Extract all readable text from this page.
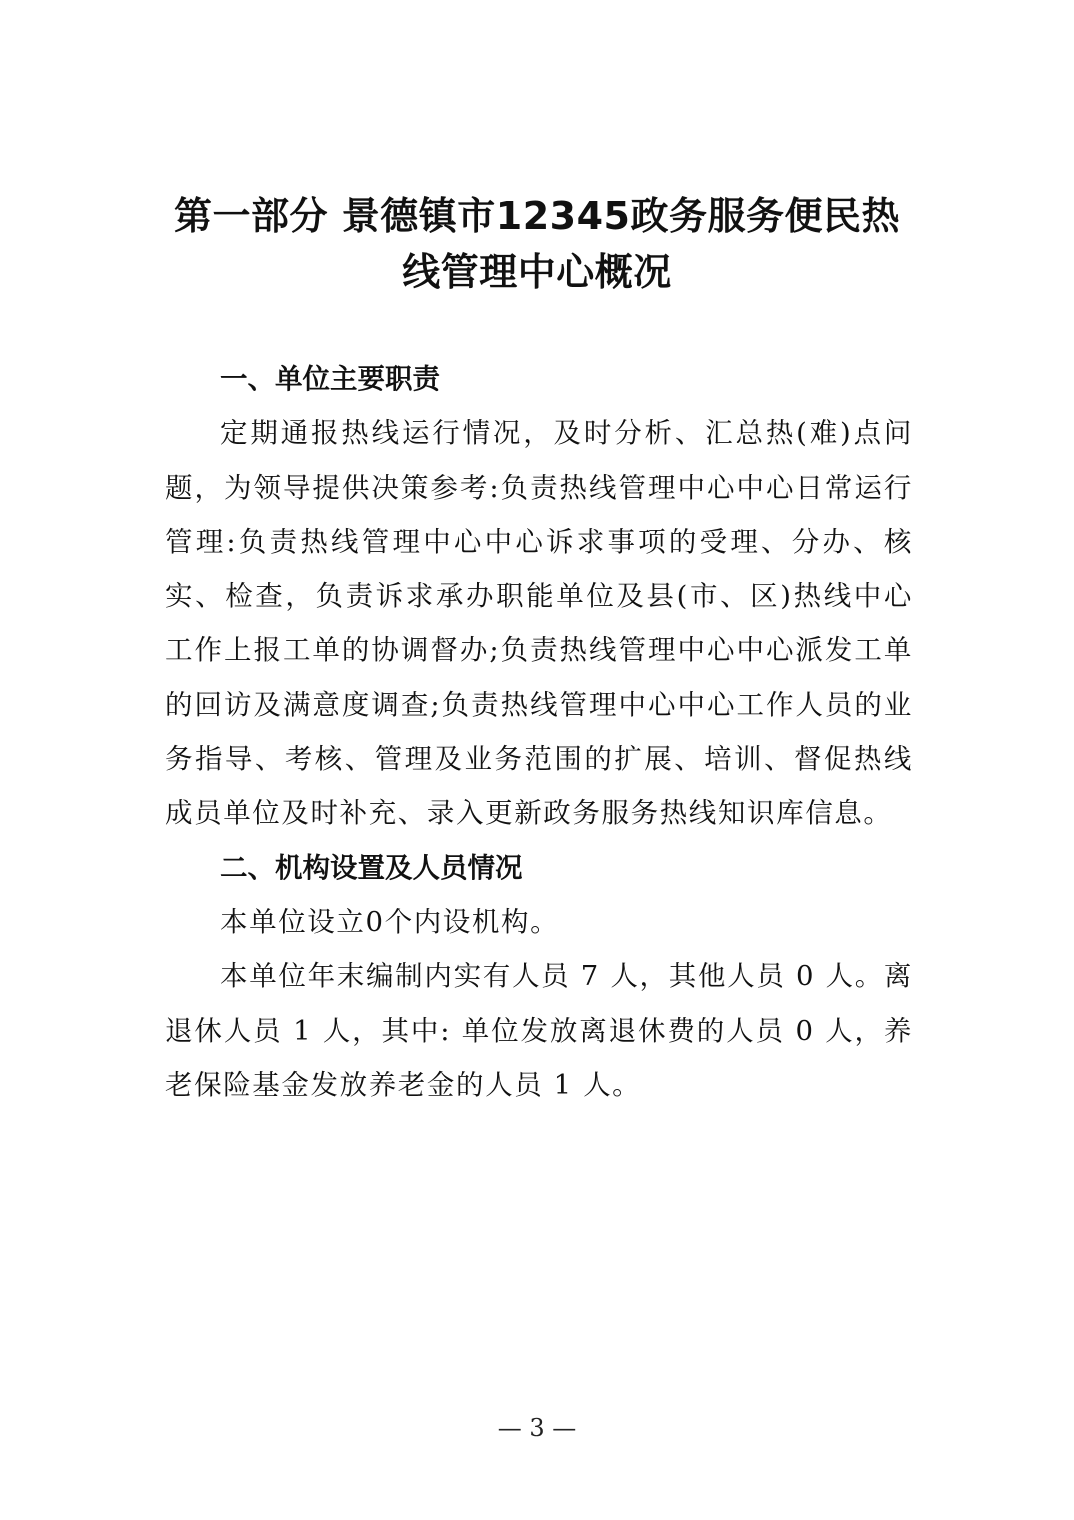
第一部分 景德镇市12345政务服务便民热
线管理中心概况

一、单位主要职责

定期通报热线运行情况，及时分析、汇总热(难)点问题，为领导提供决策参考:负责热线管理中心中心日常运行管理:负责热线管理中心中心诉求事项的受理、分办、核实、检查，负责诉求承办职能单位及县(市、区)热线中心工作上报工单的协调督办;负责热线管理中心中心派发工单的回访及满意度调查;负责热线管理中心中心工作人员的业务指导、考核、管理及业务范围的扩展、培训、督促热线成员单位及时补充、录入更新政务服务热线知识库信息。

二、机构设置及人员情况

本单位设立0个内设机构。

本单位年末编制内实有人员 7 人，其他人员 0 人。离退休人员 1 人，其中: 单位发放离退休费的人员 0 人，养老保险基金发放养老金的人员 1 人。

— 3 —
